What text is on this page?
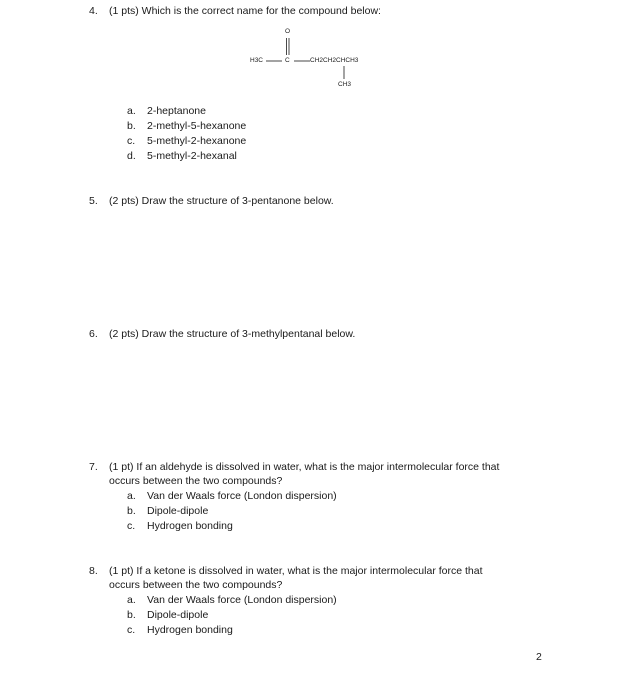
4. (1 pts) Which is the correct name for the compound below:
O
H3C	C	CH2CH2CHCH3
CH3
a.	2-heptanone
b.	2-methyl-5-hexanone
c.	5-methyl-2-hexanone
d.	5-methyl-2-hexanal
5. (2 pts) Draw the structure of 3-pentanone below.
6. (2 pts) Draw the structure of 3-methylpentanal below.
7. (1 pt) If an aldehyde is dissolved in water, what is the major intermolecular force that
occurs between the two compounds?
a.	Van der Waals force (London dispersion)
b.	Dipole-dipole
c.	Hydrogen bonding
8. (1 pt) If a ketone is dissolved in water, what is the major intermolecular force that
occurs between the two compounds?
a.	Van der Waals force (London dispersion)
b.	Dipole-dipole
c.	Hydrogen bonding
2
